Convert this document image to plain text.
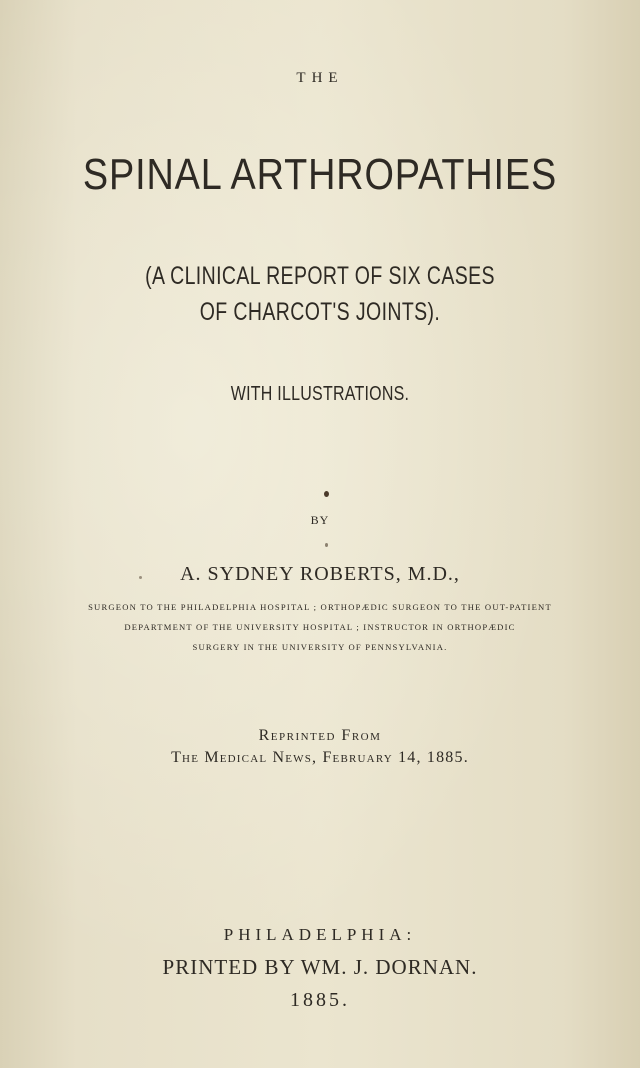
THE
SPINAL ARTHROPATHIES
(A CLINICAL REPORT OF SIX CASES
OF CHARCOT'S JOINTS).
WITH ILLUSTRATIONS.
BY
A. SYDNEY ROBERTS, M.D.,
SURGEON TO THE PHILADELPHIA HOSPITAL ; ORTHOPÆDIC SURGEON TO THE OUT-PATIENT
DEPARTMENT OF THE UNIVERSITY HOSPITAL ; INSTRUCTOR IN ORTHOPÆDIC
SURGERY IN THE UNIVERSITY OF PENNSYLVANIA.
Reprinted From
The Medical News, February 14, 1885.
PHILADELPHIA:
PRINTED BY WM. J. DORNAN.
1885.
